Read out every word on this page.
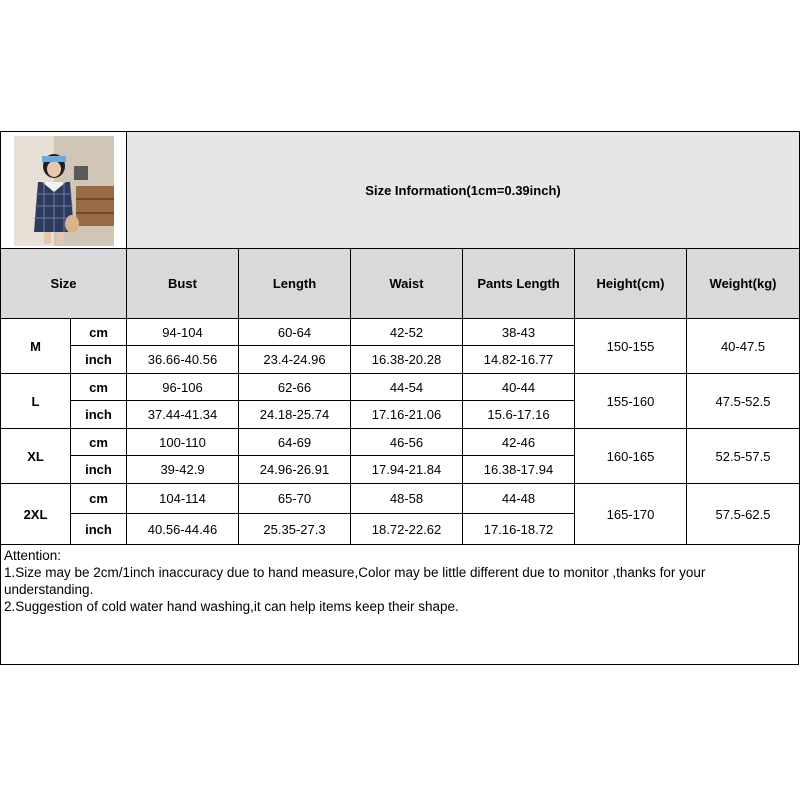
	Size Information(1cm=0.39inch)					
Size		Bust	Length	Waist	Pants Length	Height(cm)	Weight(kg)
M	cm	94-104	60-64	42-52	38-43	150-155	40-47.5
	inch	36.66-40.56	23.4-24.96	16.38-20.28	14.82-16.77		
L	cm	96-106	62-66	44-54	40-44	155-160	47.5-52.5
	inch	37.44-41.34	24.18-25.74	17.16-21.06	15.6-17.16		
XL	cm	100-110	64-69	46-56	42-46	160-165	52.5-57.5
	inch	39-42.9	24.96-26.91	17.94-21.84	16.38-17.94		
2XL	cm	104-114	65-70	48-58	44-48	165-170	57.5-62.5
	inch	40.56-44.46	25.35-27.3	18.72-22.62	17.16-18.72		
Attention:
1.Size may be 2cm/1inch inaccuracy due to hand measure,Color may be little different due to monitor ,thanks for your understanding.
2.Suggestion of cold water hand washing,it can help items keep their shape.
